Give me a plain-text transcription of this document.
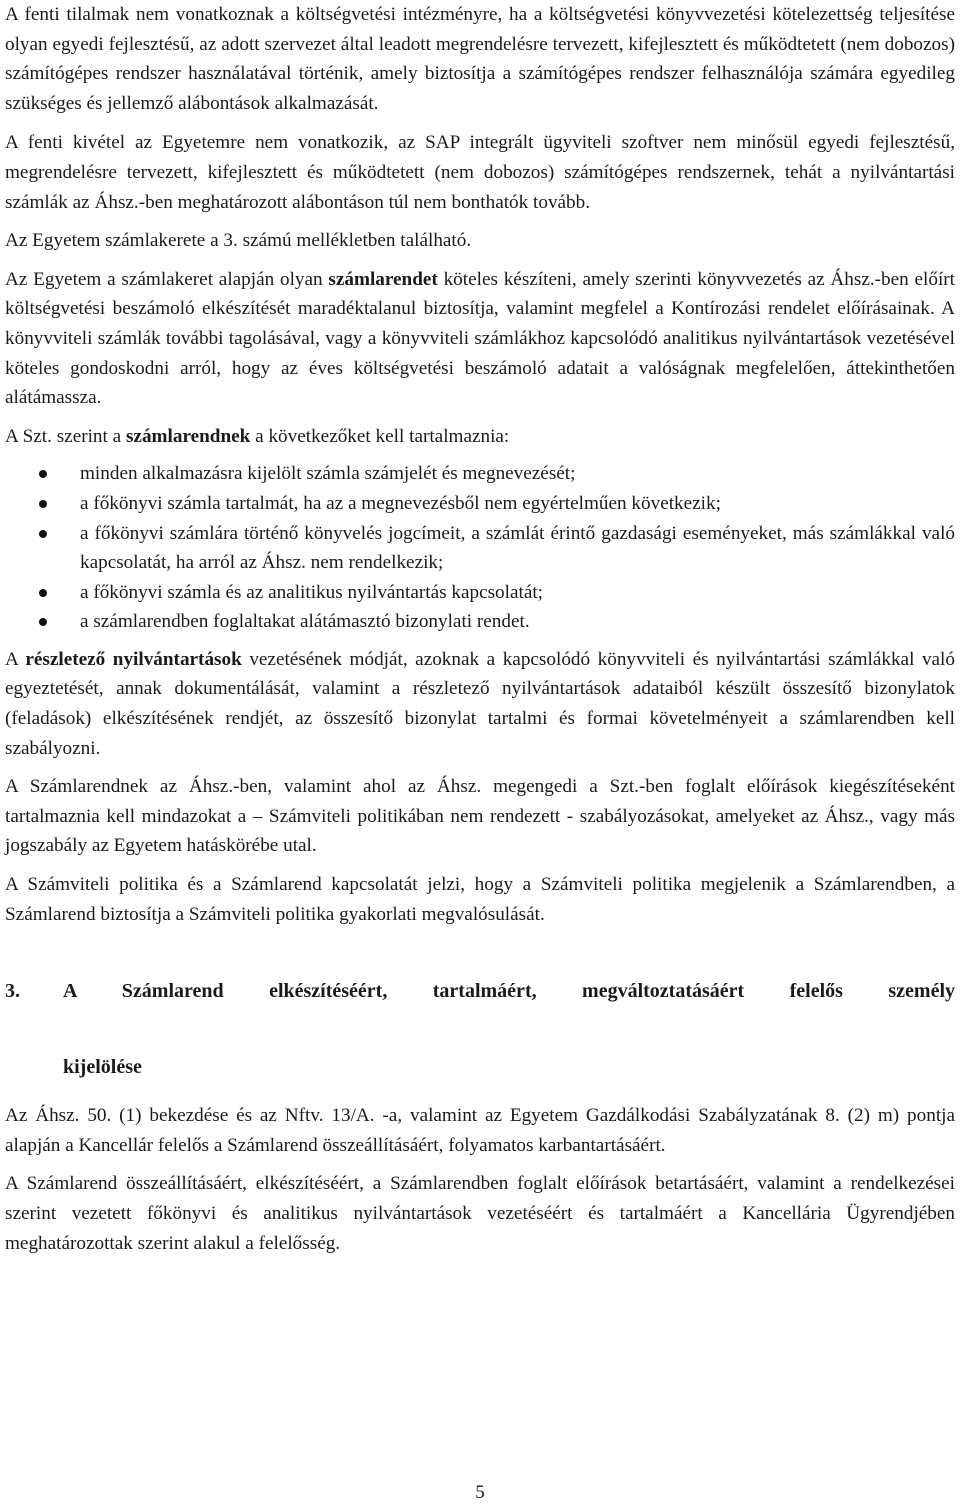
A fenti tilalmak nem vonatkoznak a költségvetési intézményre, ha a költségvetési könyvvezetési kötelezettség teljesítése olyan egyedi fejlesztésű, az adott szervezet által leadott megrendelésre tervezett, kifejlesztett és működtetett (nem dobozos) számítógépes rendszer használatával történik, amely biztosítja a számítógépes rendszer felhasználója számára egyedileg szükséges és jellemző alábontások alkalmazását.

A fenti kivétel az Egyetemre nem vonatkozik, az SAP integrált ügyviteli szoftver nem minősül egyedi fejlesztésű, megrendelésre tervezett, kifejlesztett és működtetett (nem dobozos) számítógépes rendszernek, tehát a nyilvántartási számlák az Áhsz.-ben meghatározott alábontáson túl nem bonthatók tovább.

Az Egyetem számlakerete a 3. számú mellékletben található.

Az Egyetem a számlakeret alapján olyan számlarendet köteles készíteni, amely szerinti könyvvezetés az Áhsz.-ben előírt költségvetési beszámoló elkészítését maradéktalanul biztosítja, valamint megfelel a Kontírozási rendelet előírásainak. A könyvviteli számlák további tagolásával, vagy a könyvviteli számlákhoz kapcsolódó analitikus nyilvántartások vezetésével köteles gondoskodni arról, hogy az éves költségvetési beszámoló adatait a valóságnak megfelelően, áttekinthetően alátámassza.

A Szt. szerint a számlarendnek a következőket kell tartalmaznia:

minden alkalmazásra kijelölt számla számjelét és megnevezését;
a főkönyvi számla tartalmát, ha az a megnevezésből nem egyértelműen következik;
a főkönyvi számlára történő könyvelés jogcímeit, a számlát érintő gazdasági eseményeket, más számlákkal való kapcsolatát, ha arról az Áhsz. nem rendelkezik;
a főkönyvi számla és az analitikus nyilvántartás kapcsolatát;
a számlarendben foglaltakat alátámasztó bizonylati rendet.

A részletező nyilvántartások vezetésének módját, azoknak a kapcsolódó könyvviteli és nyilvántartási számlákkal való egyeztetését, annak dokumentálását, valamint a részletező nyilvántartások adataiból készült összesítő bizonylatok (feladások) elkészítésének rendjét, az összesítő bizonylat tartalmi és formai követelményeit a számlarendben kell szabályozni.

A Számlarendnek az Áhsz.-ben, valamint ahol az Áhsz. megengedi a Szt.-ben foglalt előírások kiegészítéseként tartalmaznia kell mindazokat a – Számviteli politikában nem rendezett - szabályozásokat, amelyeket az Áhsz., vagy más jogszabály az Egyetem hatáskörébe utal.

A Számviteli politika és a Számlarend kapcsolatát jelzi, hogy a Számviteli politika megjelenik a Számlarendben, a Számlarend biztosítja a Számviteli politika gyakorlati megvalósulását.

3.	A Számlarend elkészítéséért, tartalmáért, megváltoztatásáért felelős személy
kijelölése

Az Áhsz. 50. (1) bekezdése és az Nftv. 13/A. -a, valamint az Egyetem Gazdálkodási Szabályzatának 8. (2) m) pontja alapján a Kancellár felelős a Számlarend összeállításáért, folyamatos karbantartásáért.

A Számlarend összeállításáért, elkészítéséért, a Számlarendben foglalt előírások betartásáért, valamint a rendelkezései szerint vezetett főkönyvi és analitikus nyilvántartások vezetéséért és tartalmáért a Kancellária Ügyrendjében meghatározottak szerint alakul a felelősség.

5
